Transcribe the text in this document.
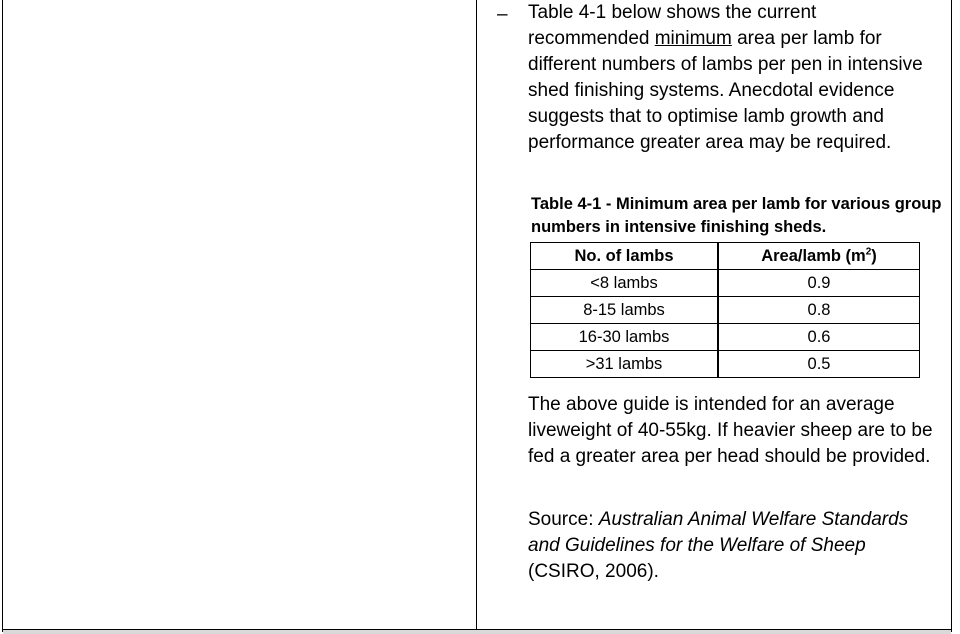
– Table 4-1 below shows the current recommended minimum area per lamb for different numbers of lambs per pen in intensive shed finishing systems. Anecdotal evidence suggests that to optimise lamb growth and performance greater area may be required.

Table 4-1 - Minimum area per lamb for various group numbers in intensive finishing sheds.
No. of lambs	Area/lamb $(m^2)$
<8 lambs	0.9
8-15 lambs	0.8
16-30 lambs	0.6
>31 lambs	0.5

The above guide is intended for an average liveweight of 40-55kg. If heavier sheep are to be fed a greater area per head should be provided.

Source: Australian Animal Welfare Standards and Guidelines for the Welfare of Sheep (CSIRO, 2006).
